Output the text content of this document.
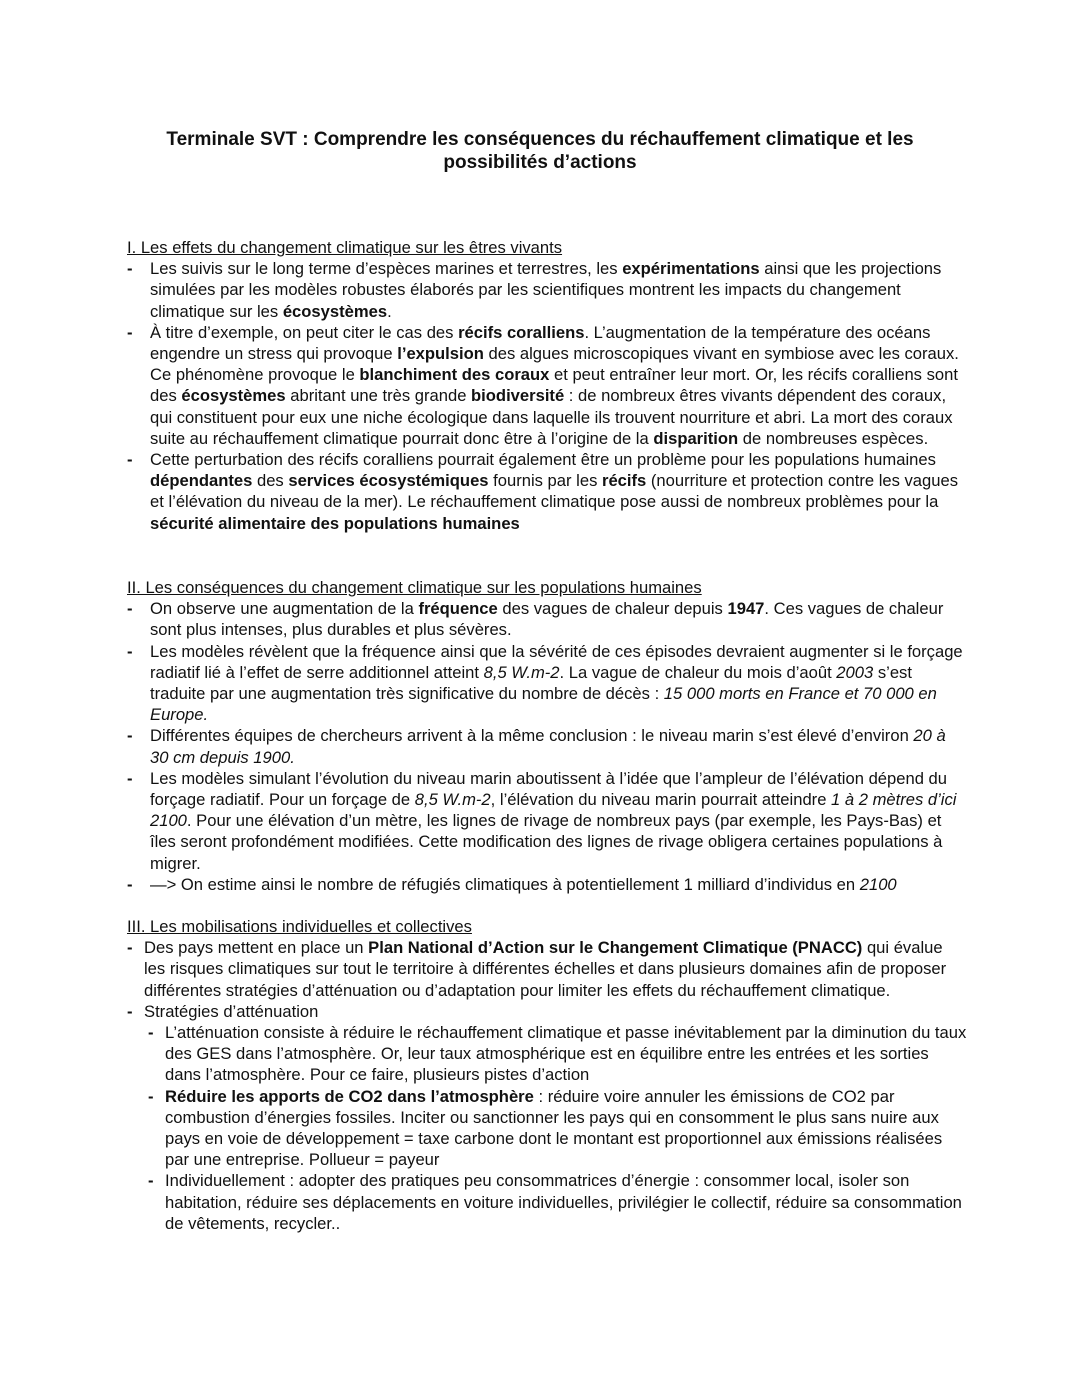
Terminale SVT : Comprendre les conséquences du réchauffement climatique et les
possibilités d’actions

I. Les effets du changement climatique sur les êtres vivants

- Les suivis sur le long terme d’espèces marines et terrestres, les expérimentations ainsi que les projections simulées par les modèles robustes élaborés par les scientifiques montrent les impacts du changement climatique sur les écosystèmes.
- À titre d’exemple, on peut citer le cas des récifs coralliens. L’augmentation de la température des océans engendre un stress qui provoque l’expulsion des algues microscopiques vivant en symbiose avec les coraux. Ce phénomène provoque le blanchiment des coraux et peut entraîner leur mort. Or, les récifs coralliens sont des écosystèmes abritant une très grande biodiversité : de nombreux êtres vivants dépendent des coraux, qui constituent pour eux une niche écologique dans laquelle ils trouvent nourriture et abri. La mort des coraux suite au réchauffement climatique pourrait donc être à l’origine de la disparition de nombreuses espèces.
- Cette perturbation des récifs coralliens pourrait également être un problème pour les populations humaines dépendantes des services écosystémiques fournis par les récifs (nourriture et protection contre les vagues et l’élévation du niveau de la mer). Le réchauffement climatique pose aussi de nombreux problèmes pour la sécurité alimentaire des populations humaines

II. Les conséquences du changement climatique sur les populations humaines

- On observe une augmentation de la fréquence des vagues de chaleur depuis 1947. Ces vagues de chaleur sont plus intenses, plus durables et plus sévères.
- Les modèles révèlent que la fréquence ainsi que la sévérité de ces épisodes devraient augmenter si le forçage radiatif lié à l’effet de serre additionnel atteint 8,5 W.m-2. La vague de chaleur du mois d’août 2003 s’est traduite par une augmentation très significative du nombre de décès : 15 000 morts en France et 70 000 en Europe.
- Différentes équipes de chercheurs arrivent à la même conclusion : le niveau marin s’est élevé d’environ 20 à 30 cm depuis 1900.
- Les modèles simulant l’évolution du niveau marin aboutissent à l’idée que l’ampleur de l’élévation dépend du forçage radiatif. Pour un forçage de 8,5 W.m-2, l’élévation du niveau marin pourrait atteindre 1 à 2 mètres d’ici 2100. Pour une élévation d’un mètre, les lignes de rivage de nombreux pays (par exemple, les Pays-Bas) et îles seront profondément modifiées. Cette modification des lignes de rivage obligera certaines populations à migrer.
- —> On estime ainsi le nombre de réfugiés climatiques à potentiellement 1 milliard d’individus en 2100

III. Les mobilisations individuelles et collectives

- Des pays mettent en place un Plan National d’Action sur le Changement Climatique (PNACC) qui évalue les risques climatiques sur tout le territoire à différentes échelles et dans plusieurs domaines afin de proposer différentes stratégies d’atténuation ou d’adaptation pour limiter les effets du réchauffement climatique.
- Stratégies d’atténuation
- L’atténuation consiste à réduire le réchauffement climatique et passe inévitablement par la diminution du taux des GES dans l’atmosphère. Or, leur taux atmosphérique est en équilibre entre les entrées et les sorties dans l’atmosphère. Pour ce faire, plusieurs pistes d’action
- Réduire les apports de CO2 dans l’atmosphère : réduire voire annuler les émissions de CO2 par combustion d’énergies fossiles. Inciter ou sanctionner les pays qui en consomment le plus sans nuire aux pays en voie de développement = taxe carbone dont le montant est proportionnel aux émissions réalisées par une entreprise. Pollueur = payeur
- Individuellement : adopter des pratiques peu consommatrices d’énergie : consommer local, isoler son habitation, réduire ses déplacements en voiture individuelles, privilégier le collectif, réduire sa consommation de vêtements, recycler..
